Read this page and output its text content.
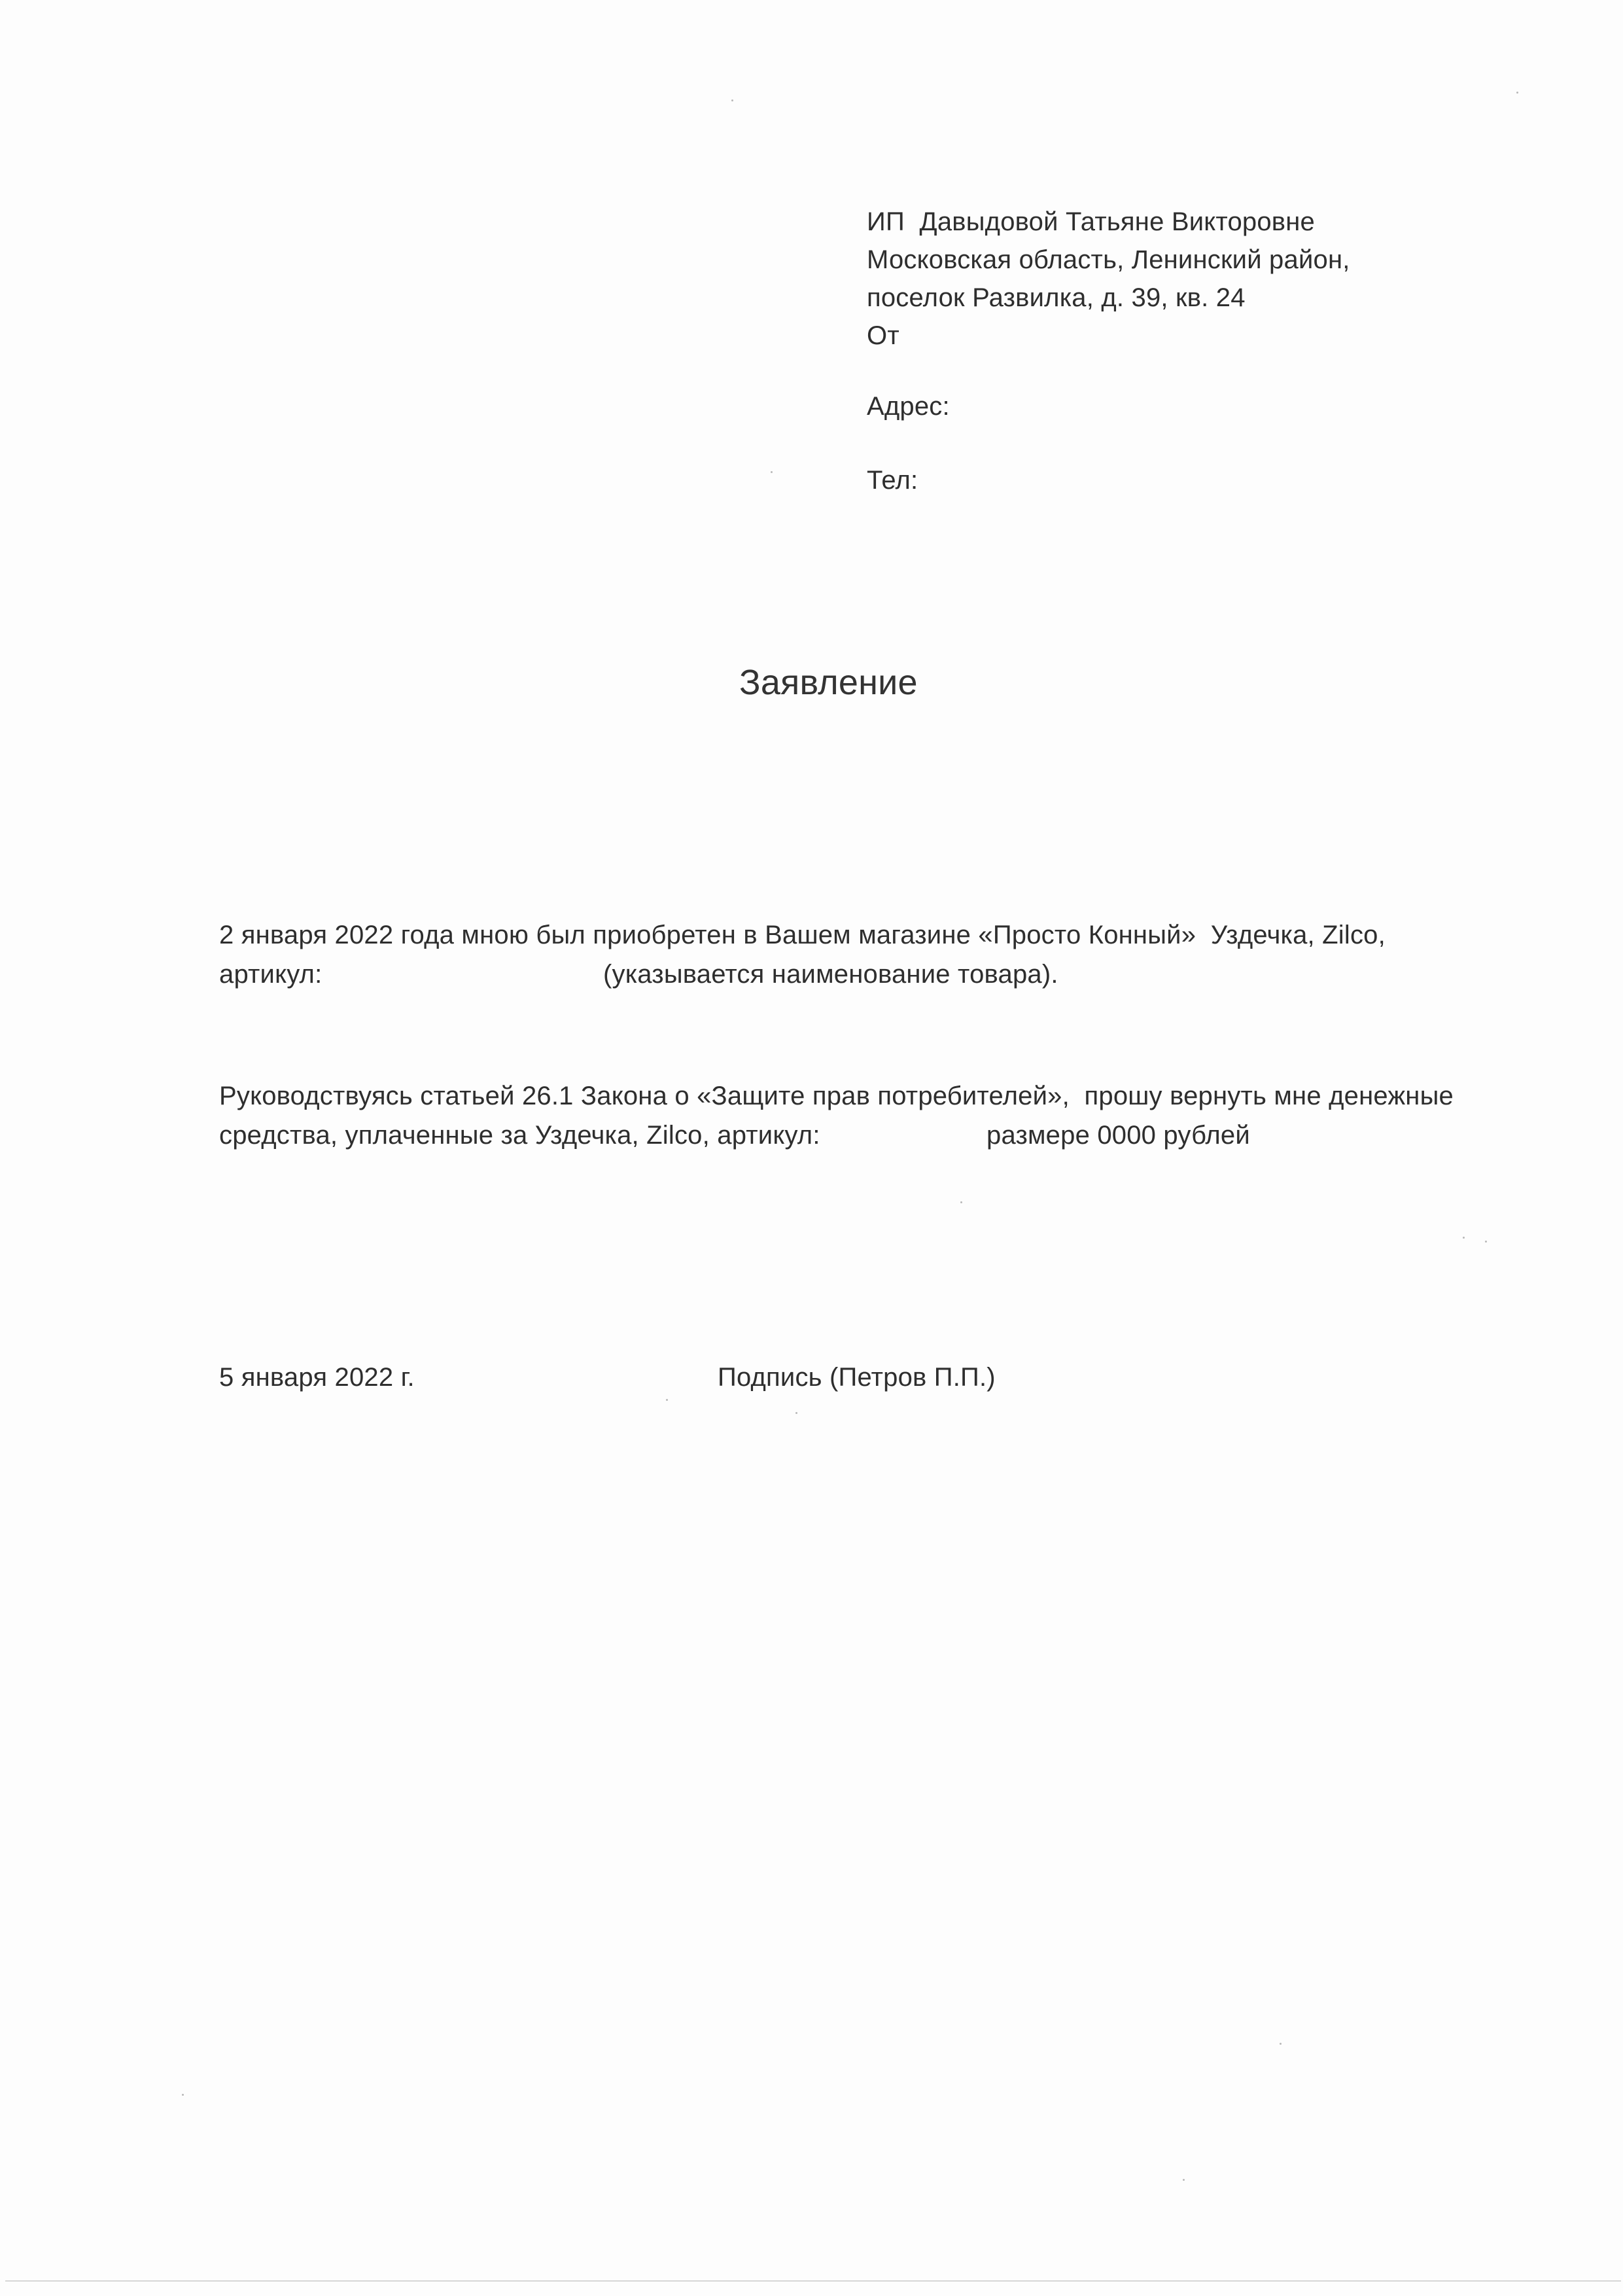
ИП  Давыдовой Татьяне Викторовне
Московская область, Ленинский район,
поселок Развилка, д. 39, кв. 24
От
Адрес:
Тел:
Заявление
2 января 2022 года мною был приобретен в Вашем магазине «Просто Конный»  Уздечка, Zilco,
артикул:	(указывается наименование товара).
Руководствуясь статьей 26.1 Закона о «Защите прав потребителей»,  прошу вернуть мне денежные
средства, уплаченные за Уздечка, Zilco, артикул:	размере 0000 рублей
5 января 2022 г.	Подпись (Петров П.П.)
